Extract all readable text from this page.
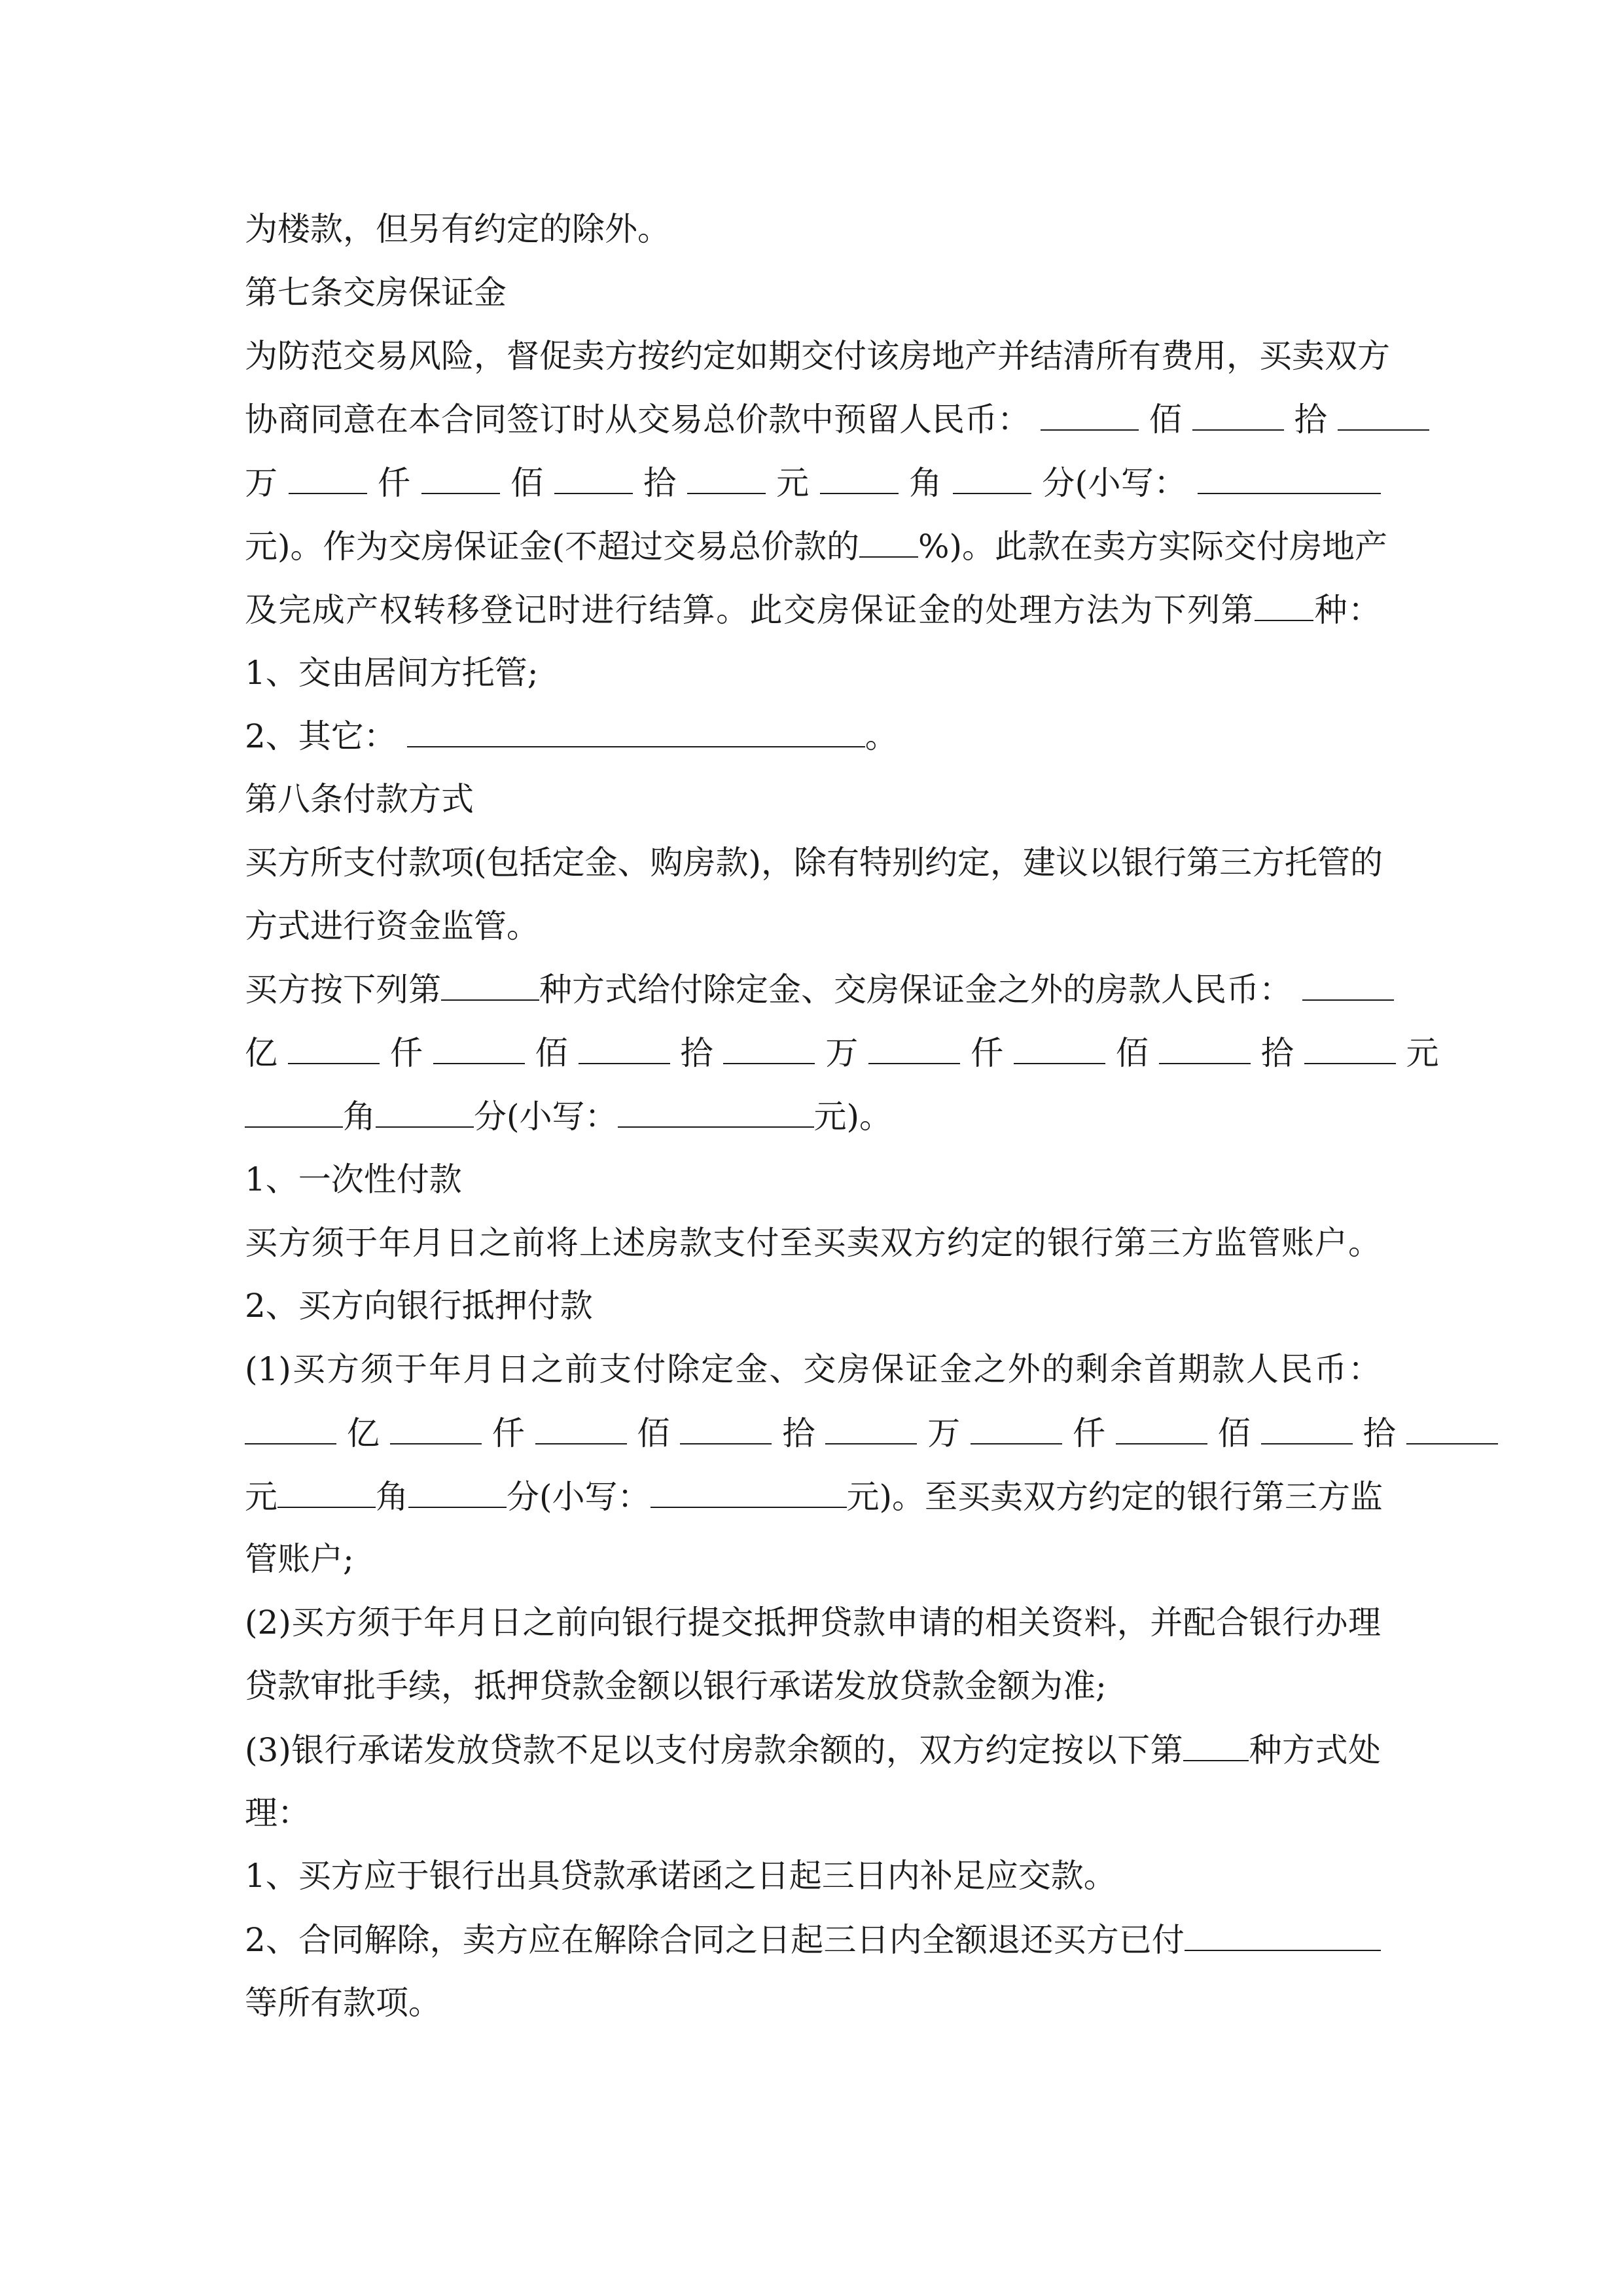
为楼款，但另有约定的除外。
第七条交房保证金
为防范交易风险，督促卖方按约定如期交付该房地产并结清所有费用，买卖双方
协商同意在本合同签订时从交易总价款中预留人民币：	佰	拾
万	仟	佰	拾	元	角	分(小写：
元)。作为交房保证金(不超过交易总价款的 %)。此款在卖方实际交付房地产
及完成产权转移登记时进行结算。此交房保证金的处理方法为下列第 种：
1、交由居间方托管;
2、其它：	。
第八条付款方式
买方所支付款项(包括定金、购房款)，除有特别约定，建议以银行第三方托管的
方式进行资金监管。
买方按下列第	种方式给付除定金、交房保证金之外的房款人民币：
亿	仟	佰	拾	万	仟	佰	拾	元
角	分(小写：	元)。
1、一次性付款
买方须于年月日之前将上述房款支付至买卖双方约定的银行第三方监管账户。
2、买方向银行抵押付款
(1)买方须于年月日之前支付除定金、交房保证金之外的剩余首期款人民币：
亿	仟	佰	拾	万	仟	佰	拾
元	角	分(小写：	元)。至买卖双方约定的银行第三方监
管账户;
(2)买方须于年月日之前向银行提交抵押贷款申请的相关资料，并配合银行办理
贷款审批手续，抵押贷款金额以银行承诺发放贷款金额为准;
(3)银行承诺发放贷款不足以支付房款余额的，双方约定按以下第 种方式处
理：
1、买方应于银行出具贷款承诺函之日起三日内补足应交款。
2、合同解除，卖方应在解除合同之日起三日内全额退还买方已付
等所有款项。
